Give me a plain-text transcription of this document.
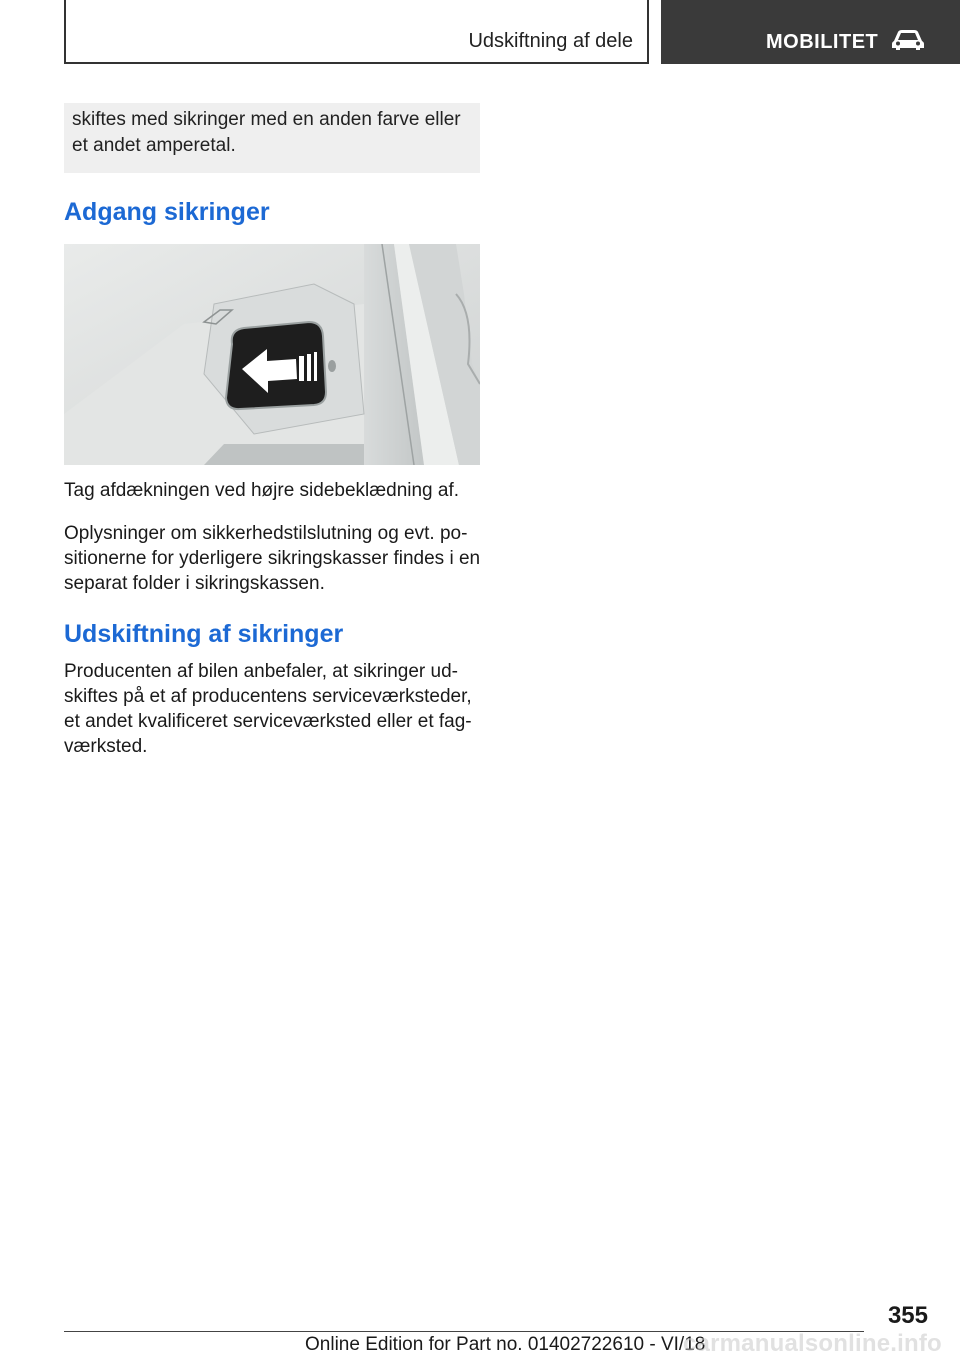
Udskiftning af dele	MOBILITET
skiftes med sikringer med en anden farve eller
et andet amperetal.
Adgang sikringer

Tag afdækningen ved højre sidebeklædning af.

Oplysninger om sikkerhedstilslutning og evt. po-
sitionerne for yderligere sikringskasser findes i en
separat folder i sikringskassen.
Udskiftning af sikringer
Producenten af bilen anbefaler, at sikringer ud-
skiftes på et af producentens serviceværksteder,
et andet kvalificeret serviceværksted eller et fag-
værksted.
355
Online Edition for Part no. 01402722610 - VI/18
carmanualsonline.info
